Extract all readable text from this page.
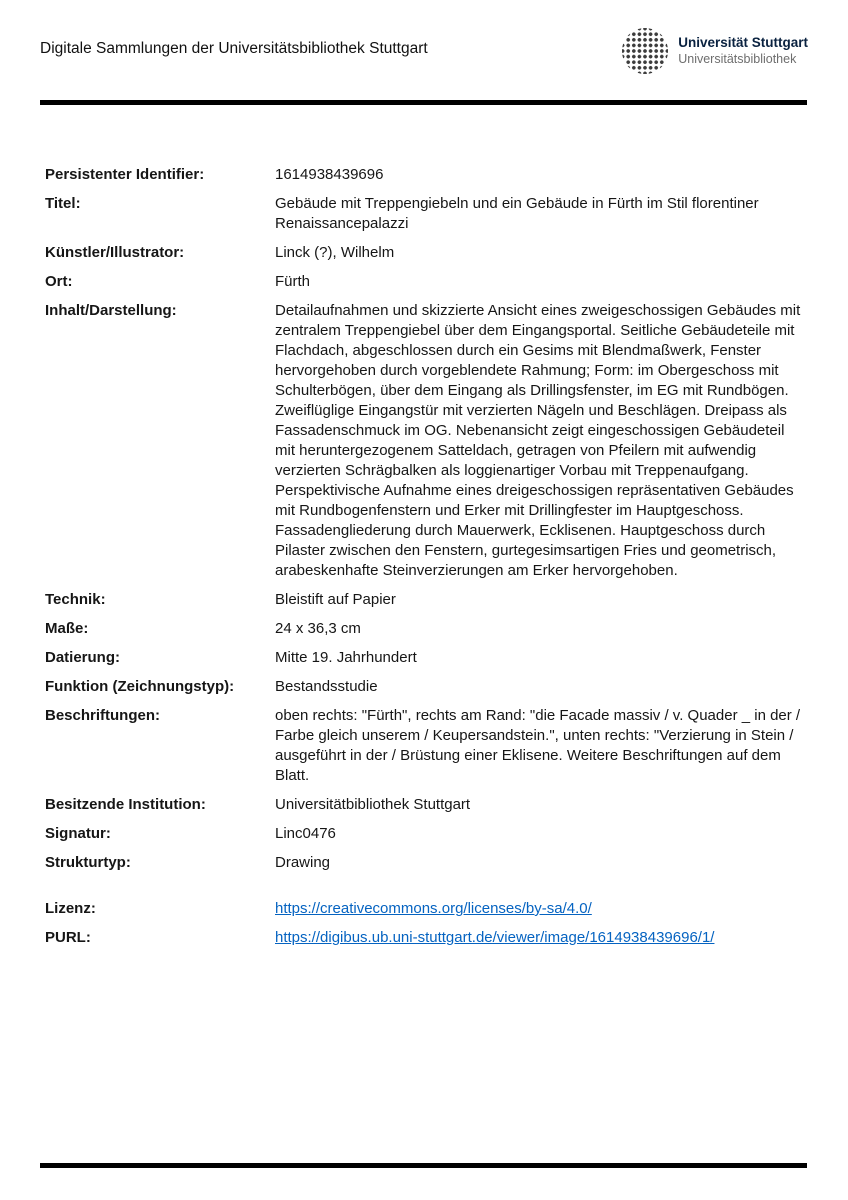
Digitale Sammlungen der Universitätsbibliothek Stuttgart	Universität Stuttgart
Universitätsbibliothek
Persistenter Identifier:	1614938439696
Titel:	Gebäude mit Treppengiebeln und ein Gebäude in Fürth im Stil florentiner Renaissancepalazzi
Künstler/Illustrator:	Linck (?), Wilhelm
Ort:	Fürth
Inhalt/Darstellung:	Detailaufnahmen und skizzierte Ansicht eines zweigeschossigen Gebäudes mit zentralem Treppengiebel über dem Eingangsportal. Seitliche Gebäudeteile mit Flachdach, abgeschlossen durch ein Gesims mit Blendmaßwerk, Fenster hervorgehoben durch vorgeblendete Rahmung; Form: im Obergeschoss mit Schulterbögen, über dem Eingang als Drillingsfenster, im EG mit Rundbögen. Zweiflüglige Eingangstür mit verzierten Nägeln und Beschlägen. Dreipass als Fassadenschmuck im OG. Nebenansicht zeigt eingeschossigen Gebäudeteil mit heruntergezogenem Satteldach, getragen von Pfeilern mit aufwendig verzierten Schrägbalken als loggienartiger Vorbau mit Treppenaufgang. Perspektivische Aufnahme eines dreigeschossigen repräsentativen Gebäudes mit Rundbogenfenstern und Erker mit Drillingfester im Hauptgeschoss. Fassadengliederung durch Mauerwerk, Ecklisenen. Hauptgeschoss durch Pilaster zwischen den Fenstern, gurtegesimsartigen Fries und geometrisch, arabeskenhafte Steinverzierungen am Erker hervorgehoben.
Technik:	Bleistift auf Papier
Maße:	24 x 36,3 cm
Datierung:	Mitte 19. Jahrhundert
Funktion (Zeichnungstyp):	Bestandsstudie
Beschriftungen:	oben rechts: "Fürth", rechts am Rand: "die Facade massiv / v. Quader _ in der / Farbe gleich unserem / Keupersandstein.", unten rechts: "Verzierung in Stein / ausgeführt in der / Brüstung einer Eklisene. Weitere Beschriftungen auf dem Blatt.
Besitzende Institution:	Universitätbibliothek Stuttgart
Signatur:	Linc0476
Strukturtyp:	Drawing
Lizenz:	https://creativecommons.org/licenses/by-sa/4.0/
PURL:	https://digibus.ub.uni-stuttgart.de/viewer/image/1614938439696/1/
